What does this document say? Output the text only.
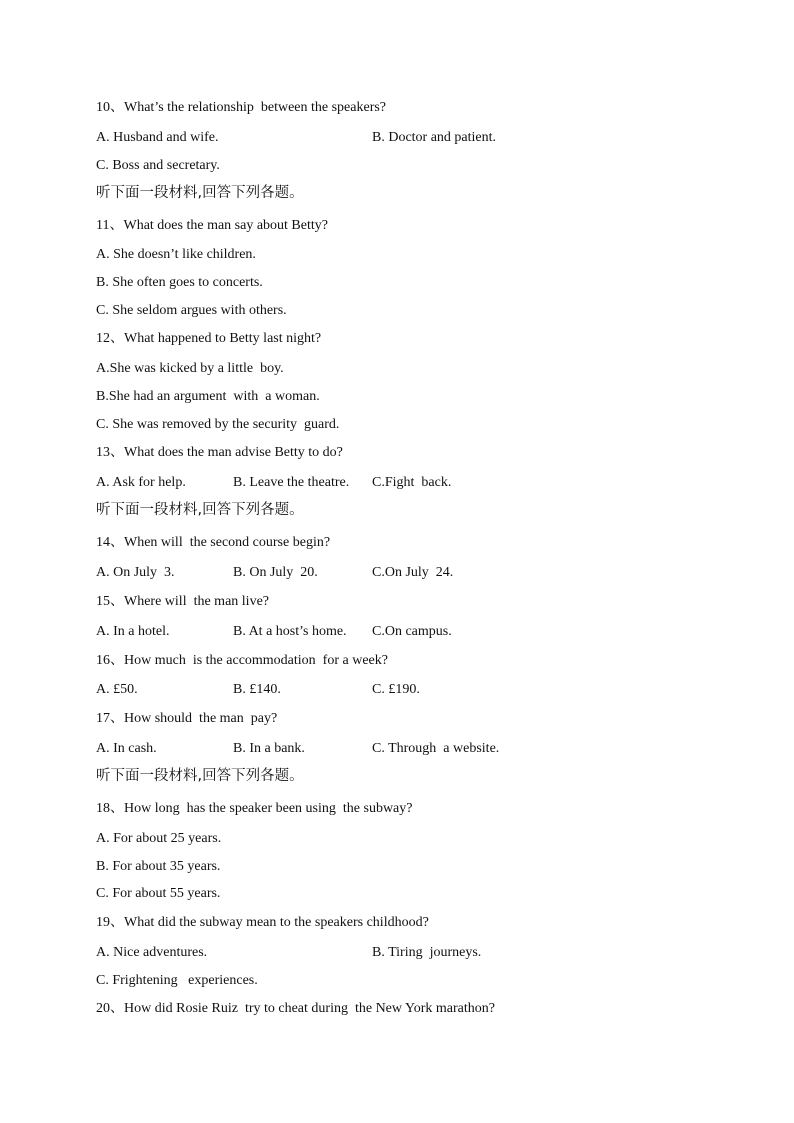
10、What’s the relationship  between the speakers?
A. Husband and wife.	B. Doctor and patient.
C. Boss and secretary.
听下面一段材料,回答下列各题。
11、What does the man say about Betty?
A. She doesn’t like children.
B. She often goes to concerts.
C. She seldom argues with others.
12、What happened to Betty last night?
A.She was kicked by a little  boy.
B.She had an argument  with  a woman.
C. She was removed by the security  guard.
13、What does the man advise Betty to do?
A. Ask for help.	B. Leave the theatre. C.Fight  back.
听下面一段材料,回答下列各题。
14、When will  the second course begin?
A. On July  3.	B. On July  20.	C.On July  24.
15、Where will  the man live?
A. In a hotel.	B. At a host’s home. C.On campus.
16、How much  is the accommodation  for a week?
A. £50.	B. £140.	C. £190.
17、How should  the man  pay?
A. In cash.	B. In a bank.	C. Through  a website.
听下面一段材料,回答下列各题。
18、How long  has the speaker been using  the subway?
A. For about 25 years.
B. For about 35 years.
C. For about 55 years.
19、What did the subway mean to the speakers childhood?
A. Nice adventures.	B. Tiring  journeys.
C. Frightening   experiences.
20、How did Rosie Ruiz  try to cheat during  the New York marathon?
